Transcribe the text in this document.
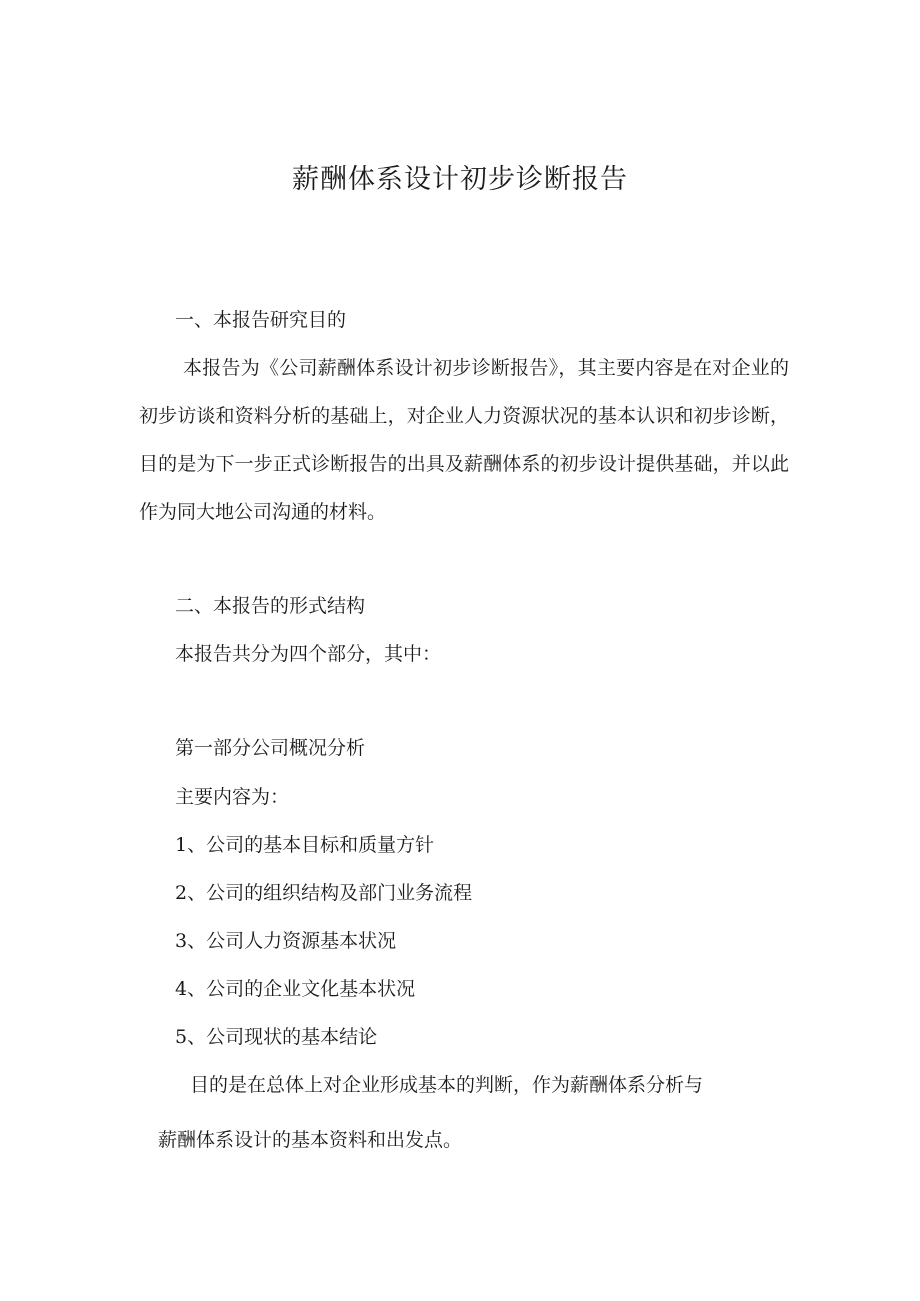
薪酬体系设计初步诊断报告
一、本报告研究目的
本报告为《公司薪酬体系设计初步诊断报告》，其主要内容是在对企业的初步访谈和资料分析的基础上，对企业人力资源状况的基本认识和初步诊断，目的是为下一步正式诊断报告的出具及薪酬体系的初步设计提供基础，并以此作为同大地公司沟通的材料。
二、本报告的形式结构
本报告共分为四个部分，其中：
第一部分公司概况分析
主要内容为：
1、公司的基本目标和质量方针
2、公司的组织结构及部门业务流程
3、公司人力资源基本状况
4、公司的企业文化基本状况
5、公司现状的基本结论
目的是在总体上对企业形成基本的判断，作为薪酬体系分析与
薪酬体系设计的基本资料和出发点。
